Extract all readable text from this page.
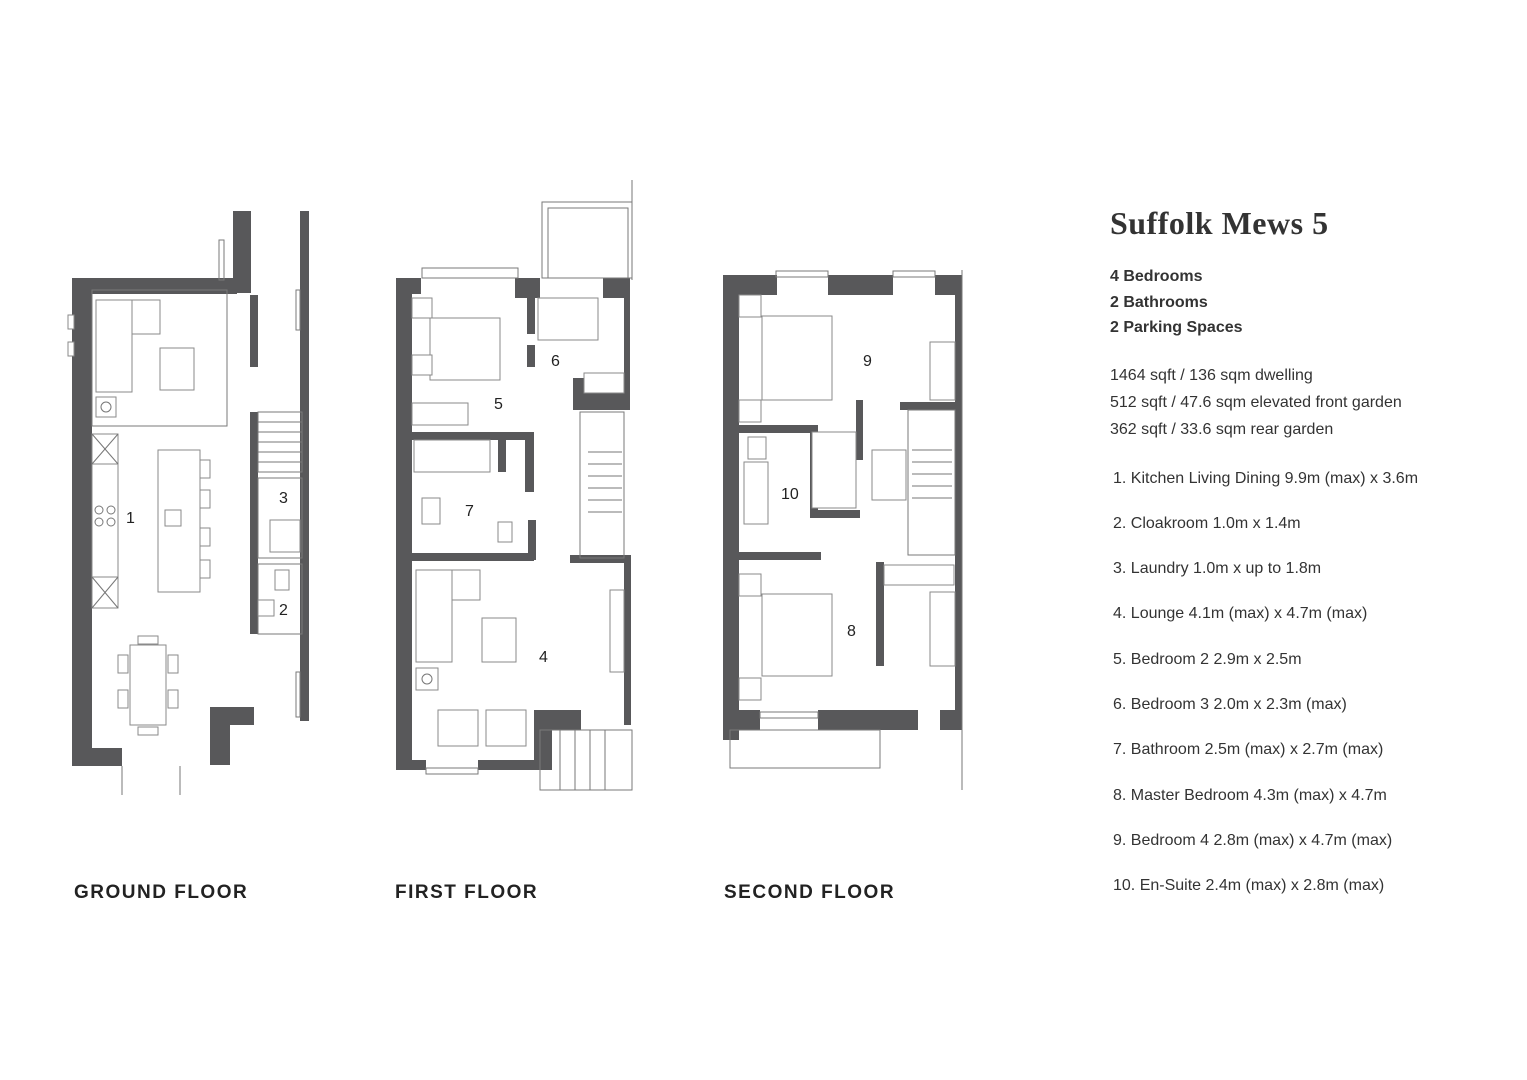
1
2
3
4
5
6
7
8
9
10
GROUND FLOOR	FIRST FLOOR	SECOND FLOOR
Suffolk Mews 5
4 Bedrooms
2 Bathrooms
2 Parking Spaces
1464 sqft / 136 sqm dwelling
512 sqft / 47.6 sqm elevated front garden
362 sqft / 33.6 sqm rear garden
1. Kitchen Living Dining 9.9m (max) x 3.6m
2. Cloakroom 1.0m x 1.4m
3. Laundry 1.0m x up to 1.8m
4. Lounge 4.1m (max) x 4.7m (max)
5. Bedroom 2 2.9m x 2.5m
6. Bedroom 3 2.0m x 2.3m (max)
7. Bathroom 2.5m (max) x 2.7m (max)
8. Master Bedroom 4.3m (max) x 4.7m
9. Bedroom 4 2.8m (max) x 4.7m (max)
10. En-Suite 2.4m (max) x 2.8m (max)
